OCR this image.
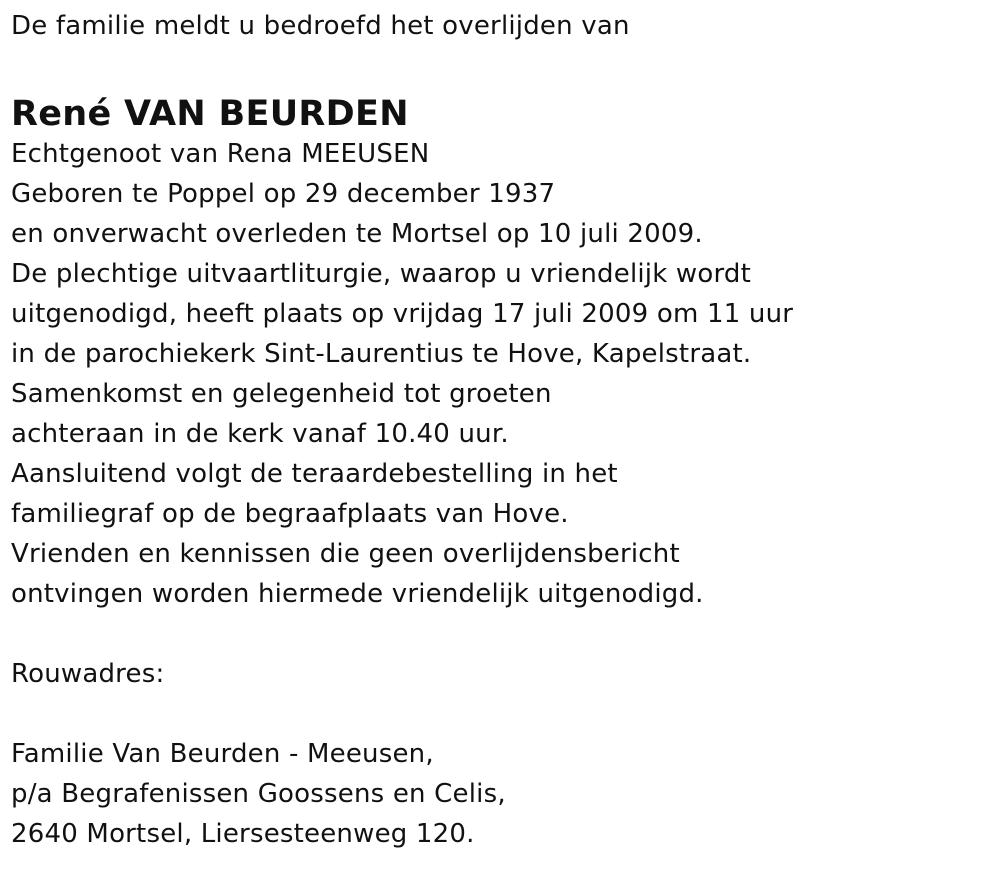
De familie meldt u bedroefd het overlijden van
René VAN BEURDEN
Echtgenoot van Rena MEEUSEN
Geboren te Poppel op 29 december 1937
en onverwacht overleden te Mortsel op 10 juli 2009.
De plechtige uitvaartliturgie, waarop u vriendelijk wordt
uitgenodigd, heeft plaats op vrijdag 17 juli 2009 om 11 uur
in de parochiekerk Sint-Laurentius te Hove, Kapelstraat.
Samenkomst en gelegenheid tot groeten
achteraan in de kerk vanaf 10.40 uur.
Aansluitend volgt de teraardebestelling in het
familiegraf op de begraafplaats van Hove.
Vrienden en kennissen die geen overlijdensbericht
ontvingen worden hiermede vriendelijk uitgenodigd.
Rouwadres:
Familie Van Beurden - Meeusen,
p/a Begrafenissen Goossens en Celis,
2640 Mortsel, Liersesteenweg 120.
